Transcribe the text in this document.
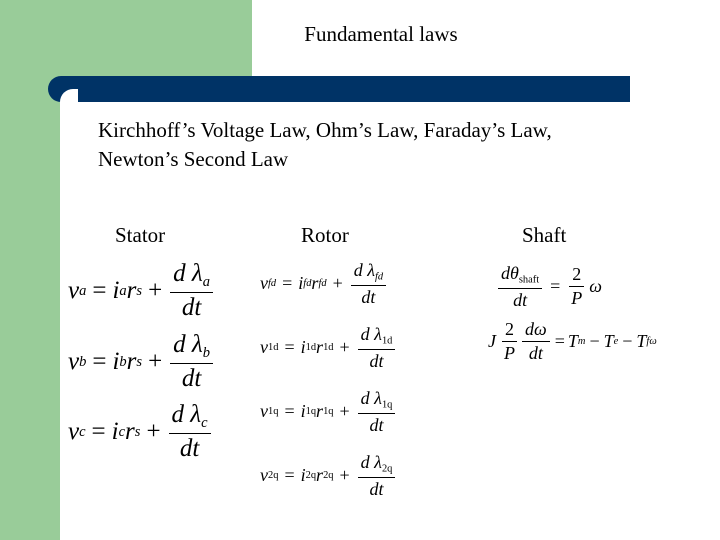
Fundamental laws
Kirchhoff’s Voltage Law, Ohm’s Law, Faraday’s Law,
Newton’s Second Law
Stator	Rotor	Shaft
v a = i a r $s + \frac{d \lambda_a}{dt}$
v b = i b r $s + \frac{d \lambda_b}{dt}$
v c = i c r $s + \frac{d \lambda_c}{dt}$
v fd = i fd r fd + $\frac{d \lambda_{fd}}{dt}$
v 1d = i 1d r $1d + \frac{d \lambda_{1d}}{dt}$
v 1q = i 1q r $1q + \frac{d \lambda_{1q}}{dt}$
v 2q = i 2q r $2q + \frac{d \lambda_{2q}}{dt}$
$\frac{d\theta_{shaft}}{dt} = \frac{2}{P}$ ω
J $\frac{2}{P} \frac{d\omega}{dt} = T$ m − T e − T fω
